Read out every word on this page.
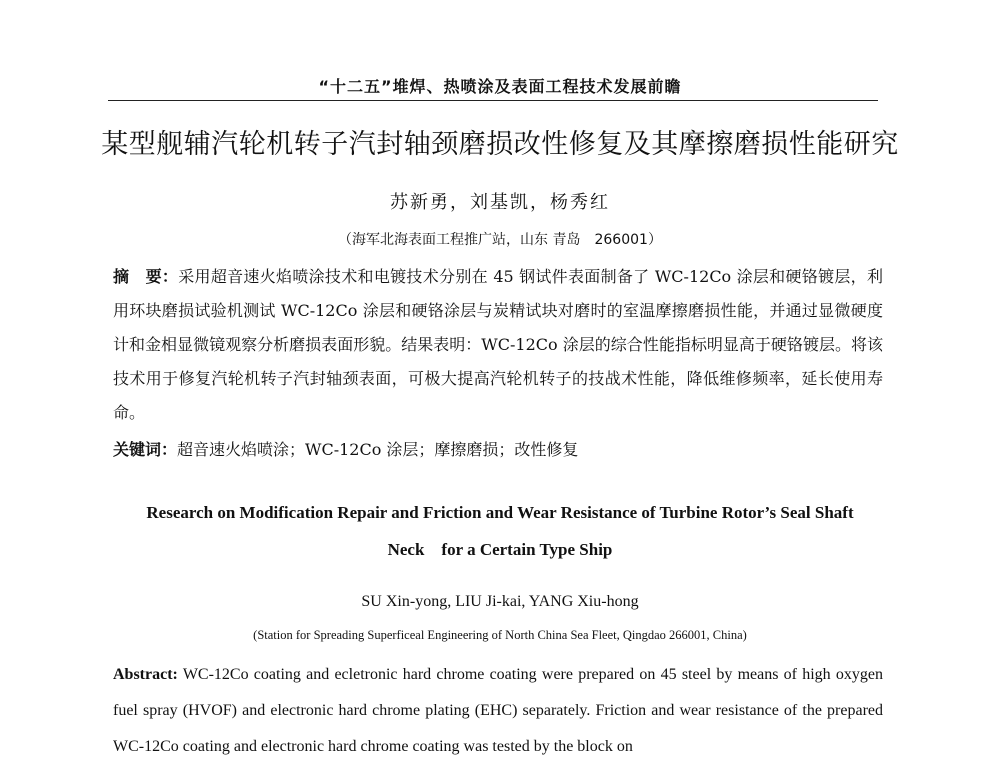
“十二五”堆焊、热喷涂及表面工程技术发展前瞻
某型舰辅汽轮机转子汽封轴颈磨损改性修复及其摩擦磨损性能研究
苏新勇，刘基凯，杨秀红
（海军北海表面工程推广站，山东 青岛　266001）

摘　要：采用超音速火焰喷涂技术和电镀技术分别在 45 钢试件表面制备了 WC-12Co 涂层和硬铬镀层，利用环块磨损试验机测试 WC-12Co 涂层和硬铬涂层与炭精试块对磨时的室温摩擦磨损性能，并通过显微硬度计和金相显微镜观察分析磨损表面形貌。结果表明：WC-12Co 涂层的综合性能指标明显高于硬铬镀层。将该技术用于修复汽轮机转子汽封轴颈表面，可极大提高汽轮机转子的技战术性能，降低维修频率，延长使用寿命。

关键词：超音速火焰喷涂；WC-12Co 涂层；摩擦磨损；改性修复
Research on Modification Repair and Friction and Wear Resistance of Turbine Rotor’s Seal Shaft
Neck　for a Certain Type Ship
SU Xin-yong, LIU Ji-kai, YANG Xiu-hong
(Station for Spreading Superficeal Engineering of North China Sea Fleet, Qingdao 266001, China)

Abstract: WC-12Co coating and ecletronic hard chrome coating were prepared on 45 steel by means of high oxygen fuel spray (HVOF) and electronic hard chrome plating (EHC) separately. Friction and wear resistance of the prepared WC-12Co coating and electronic hard chrome coating was tested by the block on
